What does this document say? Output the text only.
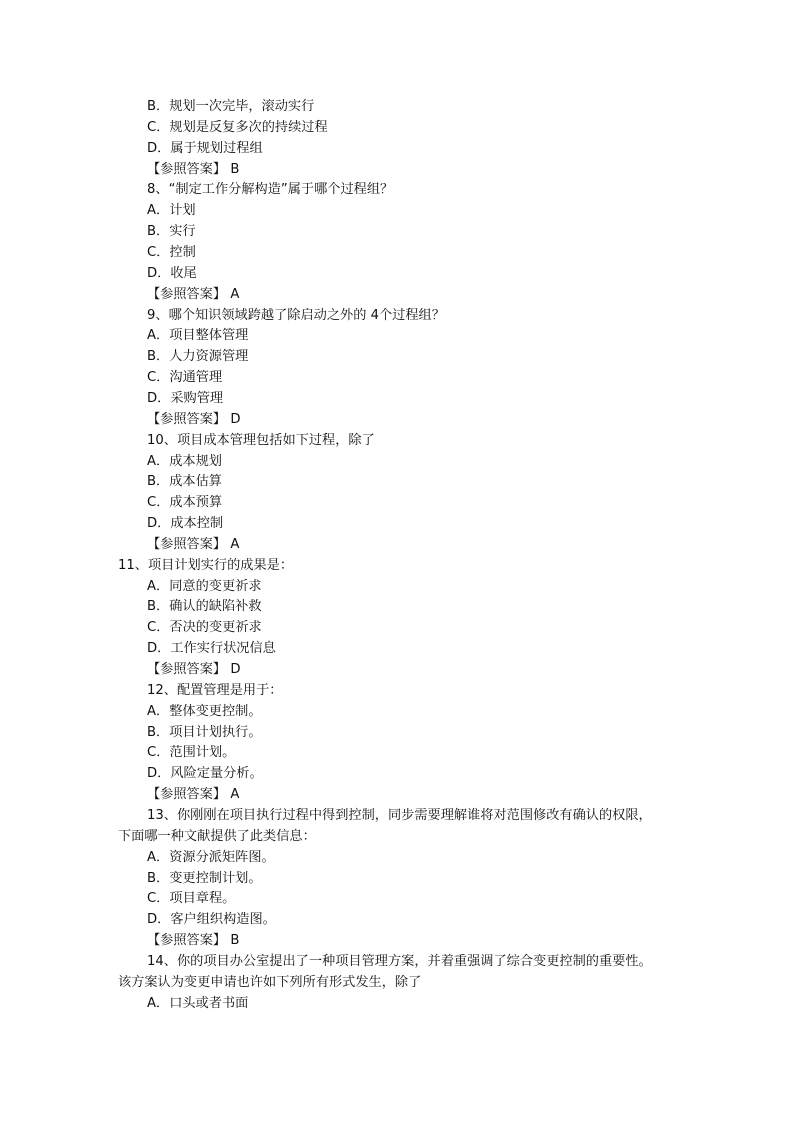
B．规划一次完毕，滚动实行
C．规划是反复多次的持续过程
D．属于规划过程组
【参照答案】 B
8、“制定工作分解构造”属于哪个过程组？
A．计划
B．实行
C．控制
D．收尾
【参照答案】 A
9、哪个知识领域跨越了除启动之外的 4个过程组？
A．项目整体管理
B．人力资源管理
C．沟通管理
D．采购管理
【参照答案】 D
10、项目成本管理包括如下过程，除了
A．成本规划
B．成本估算
C．成本预算
D．成本控制
【参照答案】 A
11、项目计划实行的成果是：
A．同意的变更祈求
B．确认的缺陷补救
C．否决的变更祈求
D．工作实行状况信息
【参照答案】 D
12、配置管理是用于：
A．整体变更控制。
B．项目计划执行。
C．范围计划。
D．风险定量分析。
【参照答案】 A
13、你刚刚在项目执行过程中得到控制，同步需要理解谁将对范围修改有确认的权限，
下面哪一种文献提供了此类信息：
A．资源分派矩阵图。
B．变更控制计划。
C．项目章程。
D．客户组织构造图。
【参照答案】 B
14、你的项目办公室提出了一种项目管理方案，并着重强调了综合变更控制的重要性。
该方案认为变更申请也许如下列所有形式发生，除了
A．口头或者书面
